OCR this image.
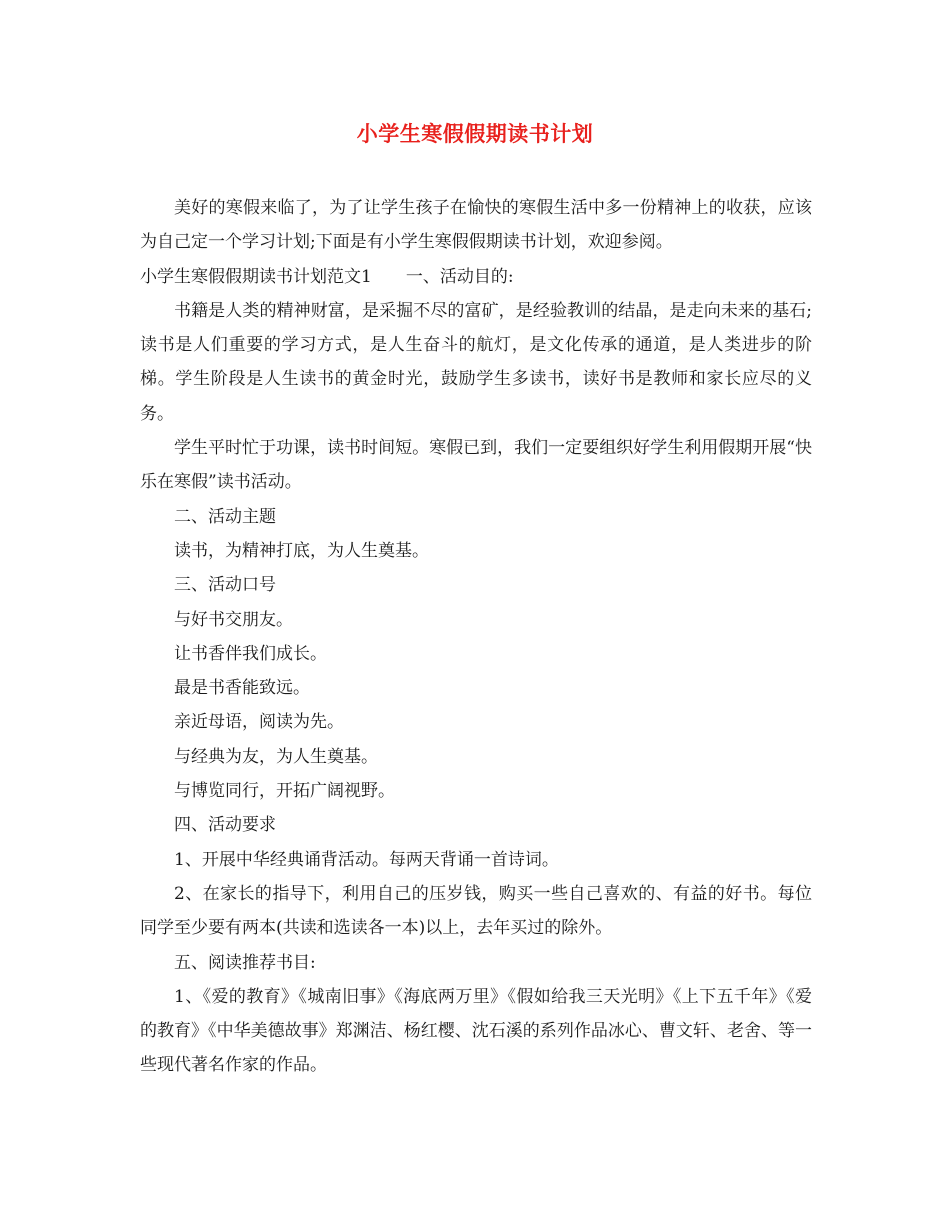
小学生寒假假期读书计划

美好的寒假来临了，为了让学生孩子在愉快的寒假生活中多一份精神上的收获，应该为自己定一个学习计划;下面是有小学生寒假假期读书计划，欢迎参阅。

小学生寒假假期读书计划范文1 一、活动目的:

书籍是人类的精神财富，是采掘不尽的富矿，是经验教训的结晶，是走向未来的基石;读书是人们重要的学习方式，是人生奋斗的航灯，是文化传承的通道，是人类进步的阶梯。学生阶段是人生读书的黄金时光，鼓励学生多读书，读好书是教师和家长应尽的义务。

学生平时忙于功课，读书时间短。寒假已到，我们一定要组织好学生利用假期开展“快乐在寒假”读书活动。

二、活动主题

读书，为精神打底，为人生奠基。

三、活动口号

与好书交朋友。

让书香伴我们成长。

最是书香能致远。

亲近母语，阅读为先。

与经典为友，为人生奠基。

与博览同行，开拓广阔视野。

四、活动要求

1、开展中华经典诵背活动。每两天背诵一首诗词。

2、在家长的指导下，利用自己的压岁钱，购买一些自己喜欢的、有益的好书。每位同学至少要有两本(共读和选读各一本)以上，去年买过的除外。

五、阅读推荐书目:

1、《爱的教育》《城南旧事》《海底两万里》《假如给我三天光明》《上下五千年》《爱的教育》《中华美德故事》郑渊洁、杨红樱、沈石溪的系列作品冰心、曹文轩、老舍、等一些现代著名作家的作品。
